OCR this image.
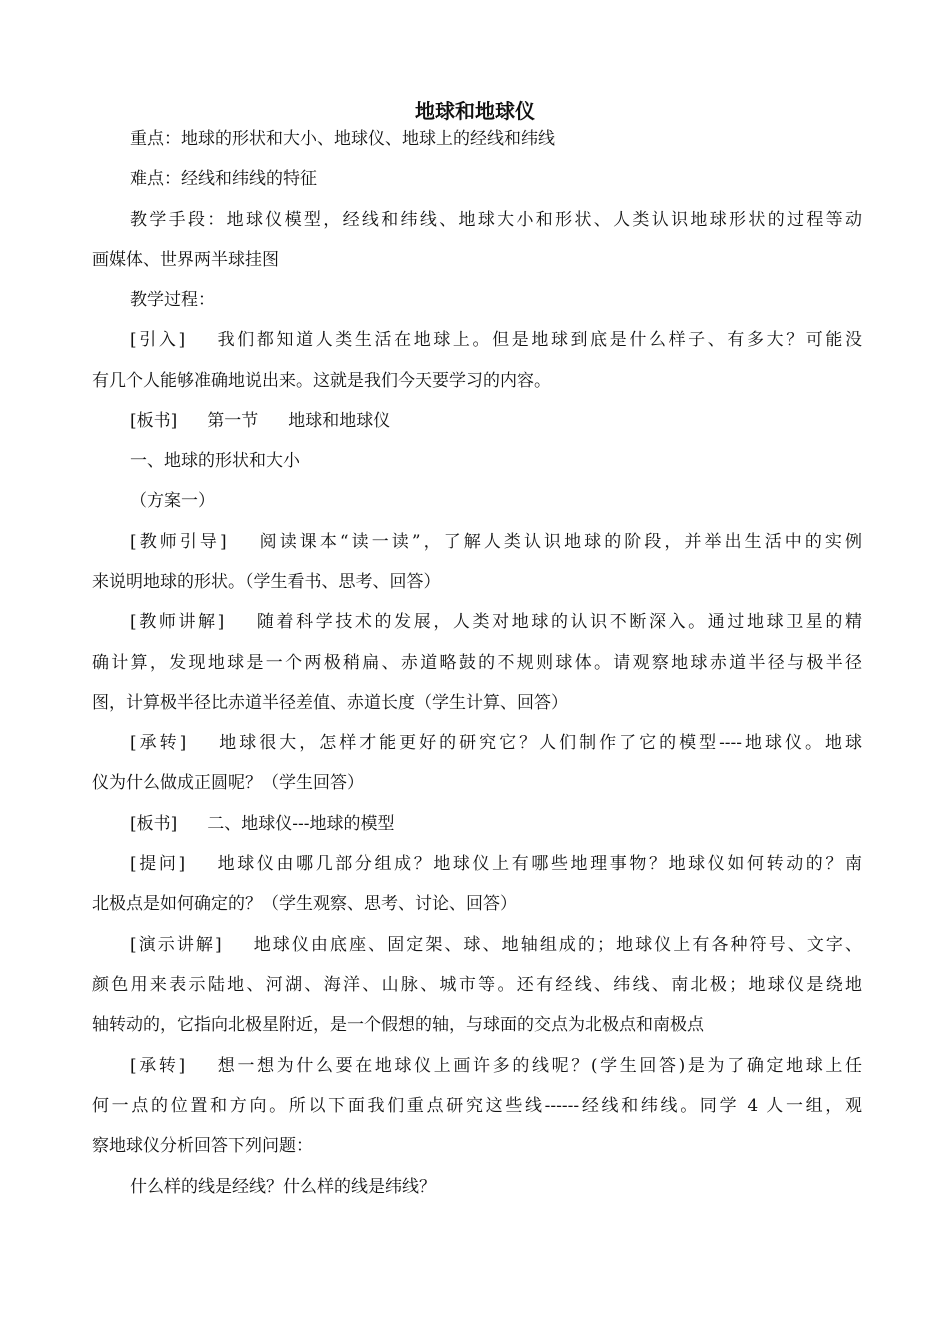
地球和地球仪
重点：地球的形状和大小、地球仪、地球上的经线和纬线
难点：经线和纬线的特征
教学手段：地球仪模型，经线和纬线、地球大小和形状、人类认识地球形状的过程等动
画媒体、世界两半球挂图
教学过程：
[引入] 我们都知道人类生活在地球上。但是地球到底是什么样子、有多大？可能没
有几个人能够准确地说出来。这就是我们今天要学习的内容。
[板书] 第一节 地球和地球仪
一、地球的形状和大小
（方案一）
[教师引导] 阅读课本“读一读”，了解人类认识地球的阶段，并举出生活中的实例
来说明地球的形状。（学生看书、思考、回答）
[教师讲解] 随着科学技术的发展，人类对地球的认识不断深入。通过地球卫星的精
确计算，发现地球是一个两极稍扁、赤道略鼓的不规则球体。请观察地球赤道半径与极半径
图，计算极半径比赤道半径差值、赤道长度（学生计算、回答）
[承转] 地球很大，怎样才能更好的研究它？人们制作了它的模型----地球仪。地球
仪为什么做成正圆呢？（学生回答）
[板书] 二、地球仪---地球的模型
[提问] 地球仪由哪几部分组成？地球仪上有哪些地理事物？地球仪如何转动的？南
北极点是如何确定的？（学生观察、思考、讨论、回答）
[演示讲解] 地球仪由底座、固定架、球、地轴组成的；地球仪上有各种符号、文字、
颜色用来表示陆地、河湖、海洋、山脉、城市等。还有经线、纬线、南北极；地球仪是绕地
轴转动的，它指向北极星附近，是一个假想的轴，与球面的交点为北极点和南极点
[承转] 想一想为什么要在地球仪上画许多的线呢？(学生回答)是为了确定地球上任
何一点的位置和方向。所以下面我们重点研究这些线------经线和纬线。同学 4 人一组，观
察地球仪分析回答下列问题：
什么样的线是经线？什么样的线是纬线？
